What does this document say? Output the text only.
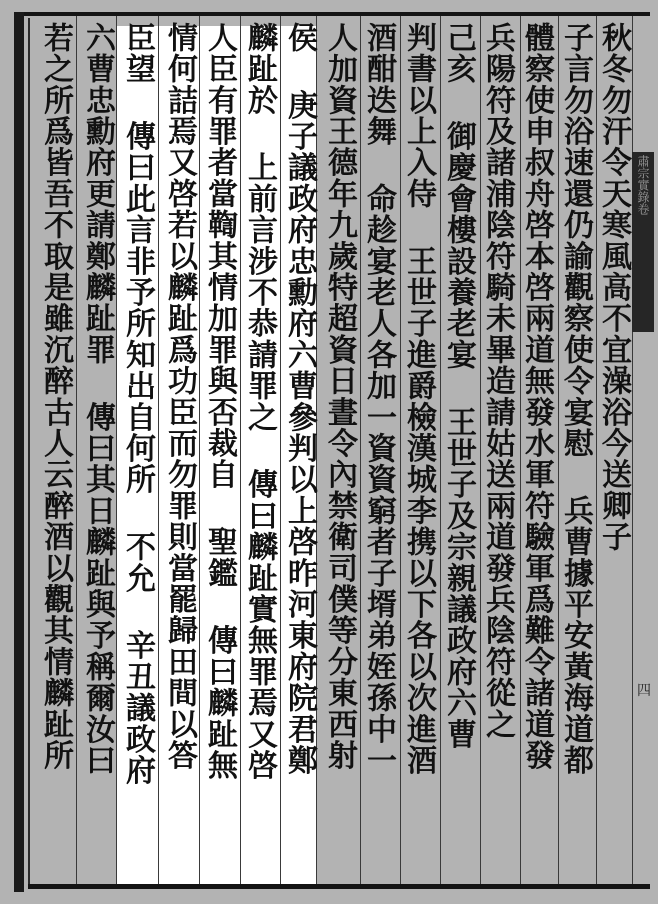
秋冬勿汗令天寒風高不宜澡浴今送卿子
子言勿浴速還仍諭觀察使令宴慰 兵曹據平安黃海道都
體察使申叔舟啓本啓兩道無發水軍符驗軍爲難令諸道發
兵陽符及諸浦陰符騎未畢造請姑送兩道發兵陰符從之
己亥 御慶會樓設養老宴 王世子及宗親議政府六曹
判書以上入侍 王世子進爵檢漢城李携以下各以次進酒
酒酣迭舞 命趁宴老人各加一資資窮者子壻弟姪孫中一
人加資王德年九歲特超資日晝令內禁衛司僕等分東西射
侯 庚子議政府忠勳府六曹參判以上啓昨河東府院君鄭
麟趾於 上前言涉不恭請罪之 傳曰麟趾實無罪焉又啓
人臣有罪者當鞫其情加罪與否裁自 聖鑑 傳曰麟趾無
情何詰焉又啓若以麟趾爲功臣而勿罪則當罷歸田間以答
臣望 傳曰此言非予所知出自何所 不允 辛丑議政府
六曹忠勳府更請鄭麟趾罪 傳曰其日麟趾與予稱爾汝曰
若之所爲皆吾不取是雖沉醉古人云醉酒以觀其情麟趾所	肅宗實錄卷
四
